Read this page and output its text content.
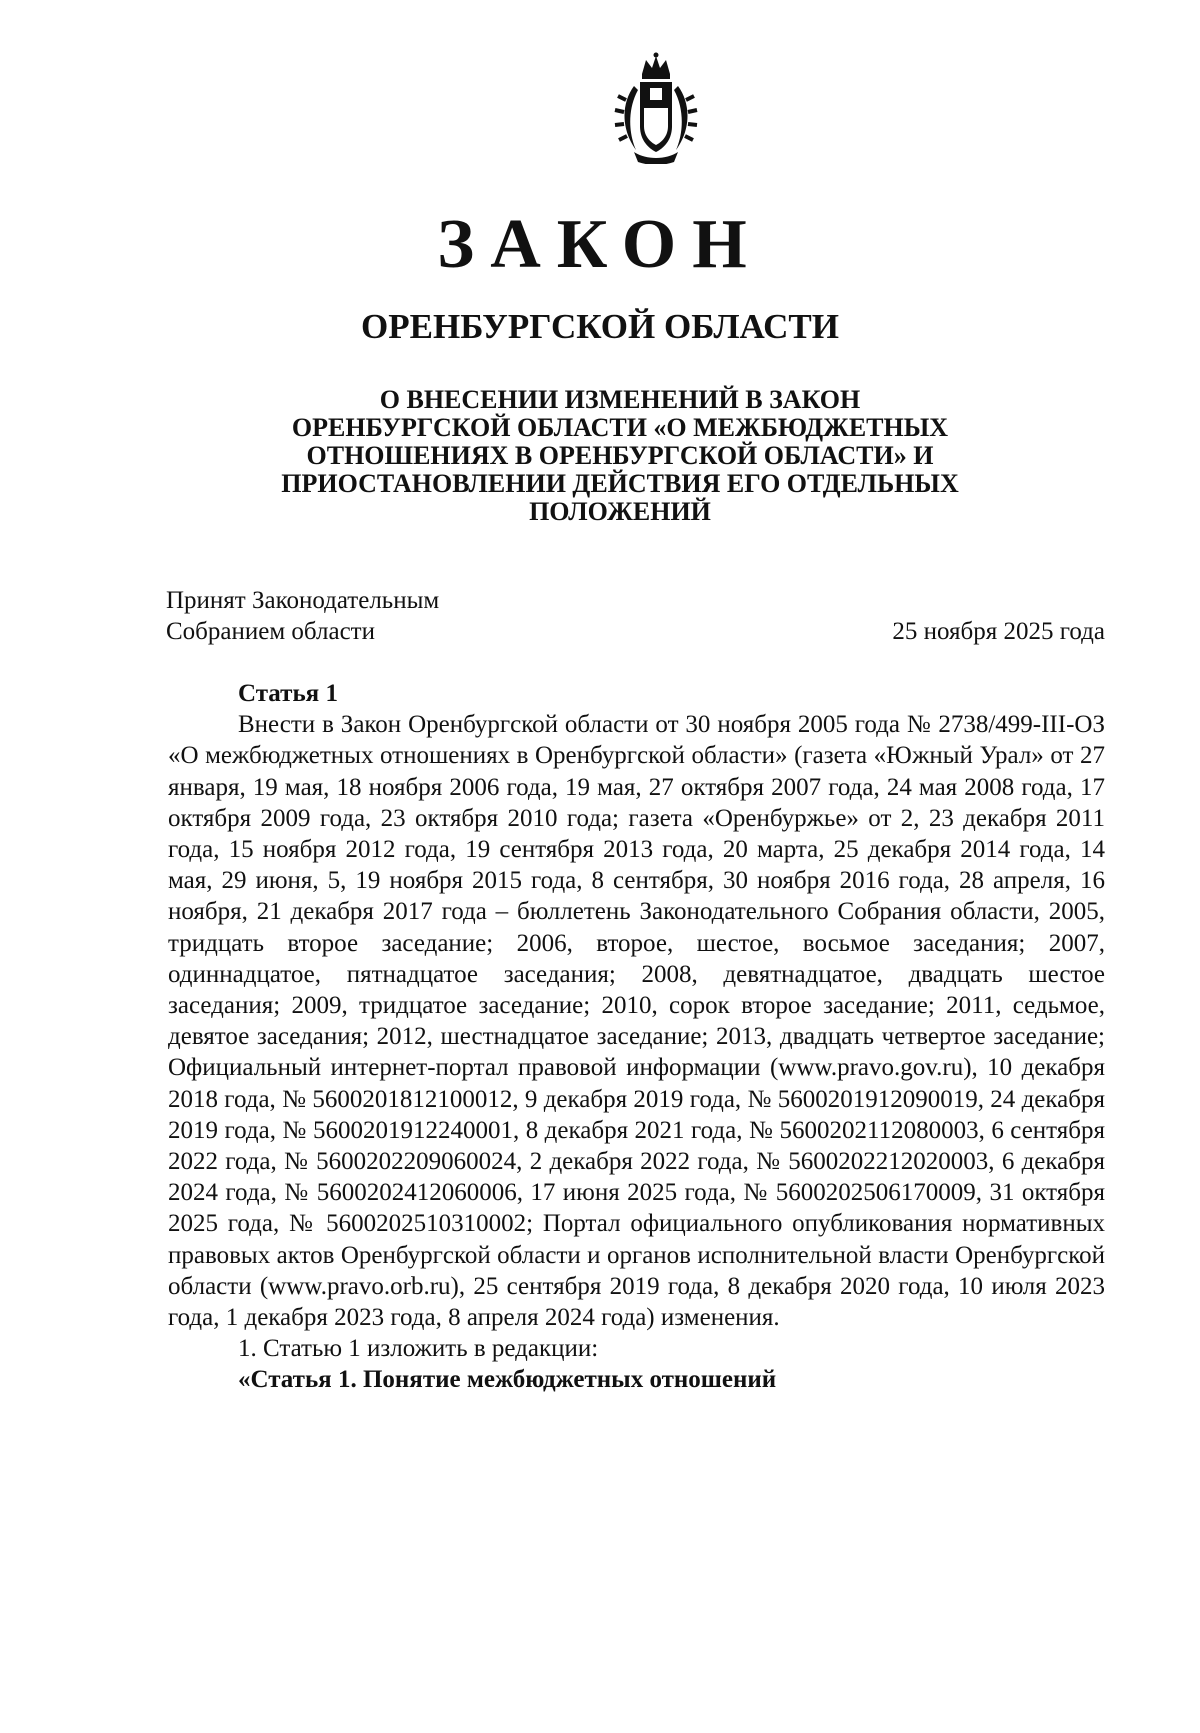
ЗАКОН
ОРЕНБУРГСКОЙ ОБЛАСТИ
О ВНЕСЕНИИ ИЗМЕНЕНИЙ В ЗАКОН
ОРЕНБУРГСКОЙ ОБЛАСТИ «О МЕЖБЮДЖЕТНЫХ
ОТНОШЕНИЯХ В ОРЕНБУРГСКОЙ ОБЛАСТИ» И
ПРИОСТАНОВЛЕНИИ ДЕЙСТВИЯ ЕГО ОТДЕЛЬНЫХ
ПОЛОЖЕНИЙ
Принят Законодательным
Собранием области	25 ноября 2025 года
Статья 1

Внести в Закон Оренбургской области от 30 ноября 2005 года № 2738/499-III-ОЗ «О межбюджетных отношениях в Оренбургской области» (газета «Южный Урал» от 27 января, 19 мая, 18 ноября 2006 года, 19 мая, 27 октября 2007 года, 24 мая 2008 года, 17 октября 2009 года, 23 октября 2010 года; газета «Оренбуржье» от 2, 23 декабря 2011 года, 15 ноября 2012 года, 19 сентября 2013 года, 20 марта, 25 декабря 2014 года, 14 мая, 29 июня, 5, 19 ноября 2015 года, 8 сентября, 30 ноября 2016 года, 28 апреля, 16 ноября, 21 декабря 2017 года – бюллетень Законодательного Собрания области, 2005, тридцать второе заседание; 2006, второе, шестое, восьмое заседания; 2007, одиннадцатое, пятнадцатое заседания; 2008, девятнадцатое, двадцать шестое заседания; 2009, тридцатое заседание; 2010, сорок второе заседание; 2011, седьмое, девятое заседания; 2012, шестнадцатое заседание; 2013, двадцать четвертое заседание; Официальный интернет-портал правовой информации (www.pravo.gov.ru), 10 декабря 2018 года, № 5600201812100012, 9 декабря 2019 года, № 5600201912090019, 24 декабря 2019 года, № 5600201912240001, 8 декабря 2021 года, № 5600202112080003, 6 сентября 2022 года, № 5600202209060024, 2 декабря 2022 года, № 5600202212020003, 6 декабря 2024 года, № 5600202412060006, 17 июня 2025 года, № 5600202506170009, 31 октября 2025 года, № 5600202510310002; Портал официального опубликования нормативных правовых актов Оренбургской области и органов исполнительной власти Оренбургской области (www.pravo.orb.ru), 25 сентября 2019 года, 8 декабря 2020 года, 10 июля 2023 года, 1 декабря 2023 года, 8 апреля 2024 года) изменения.

1. Статью 1 изложить в редакции:
«Статья 1. Понятие межбюджетных отношений
